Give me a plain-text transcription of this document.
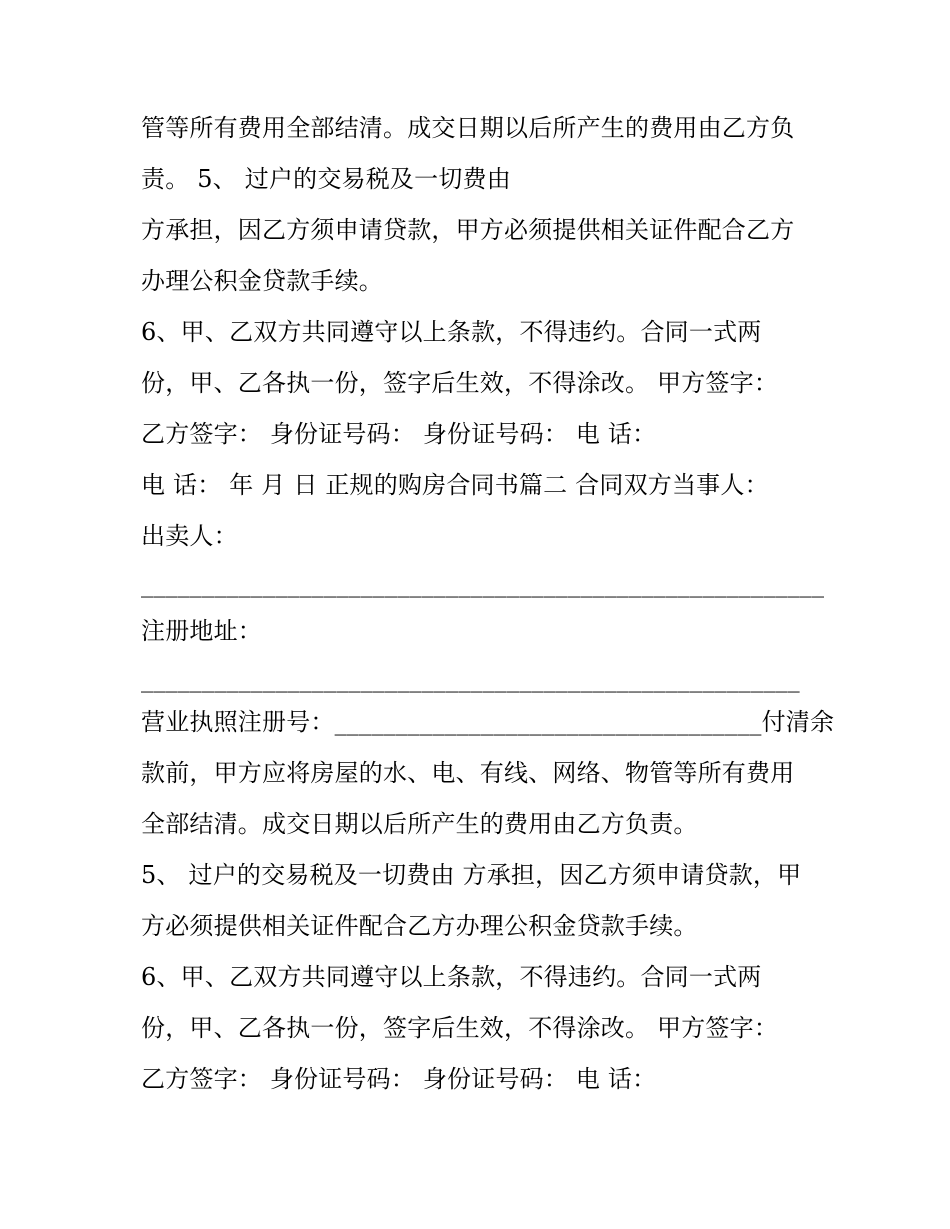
管等所有费用全部结清。成交日期以后所产生的费用由乙方负
责。 5、 过户的交易税及一切费由
方承担，因乙方须申请贷款，甲方必须提供相关证件配合乙方
办理公积金贷款手续。
6、甲、乙双方共同遵守以上条款，不得违约。合同一式两
份，甲、乙各执一份，签字后生效，不得涂改。 甲方签字：
乙方签字： 身份证号码： 身份证号码： 电 话：
电 话： 年 月 日 正规的购房合同书篇二 合同双方当事人：
出卖人：
________________________________________________________
注册地址：
______________________________________________________
营业执照注册号：___________________________________付清余
款前，甲方应将房屋的水、电、有线、网络、物管等所有费用
全部结清。成交日期以后所产生的费用由乙方负责。
5、 过户的交易税及一切费由 方承担，因乙方须申请贷款，甲
方必须提供相关证件配合乙方办理公积金贷款手续。
6、甲、乙双方共同遵守以上条款，不得违约。合同一式两
份，甲、乙各执一份，签字后生效，不得涂改。 甲方签字：
乙方签字： 身份证号码： 身份证号码： 电 话：
